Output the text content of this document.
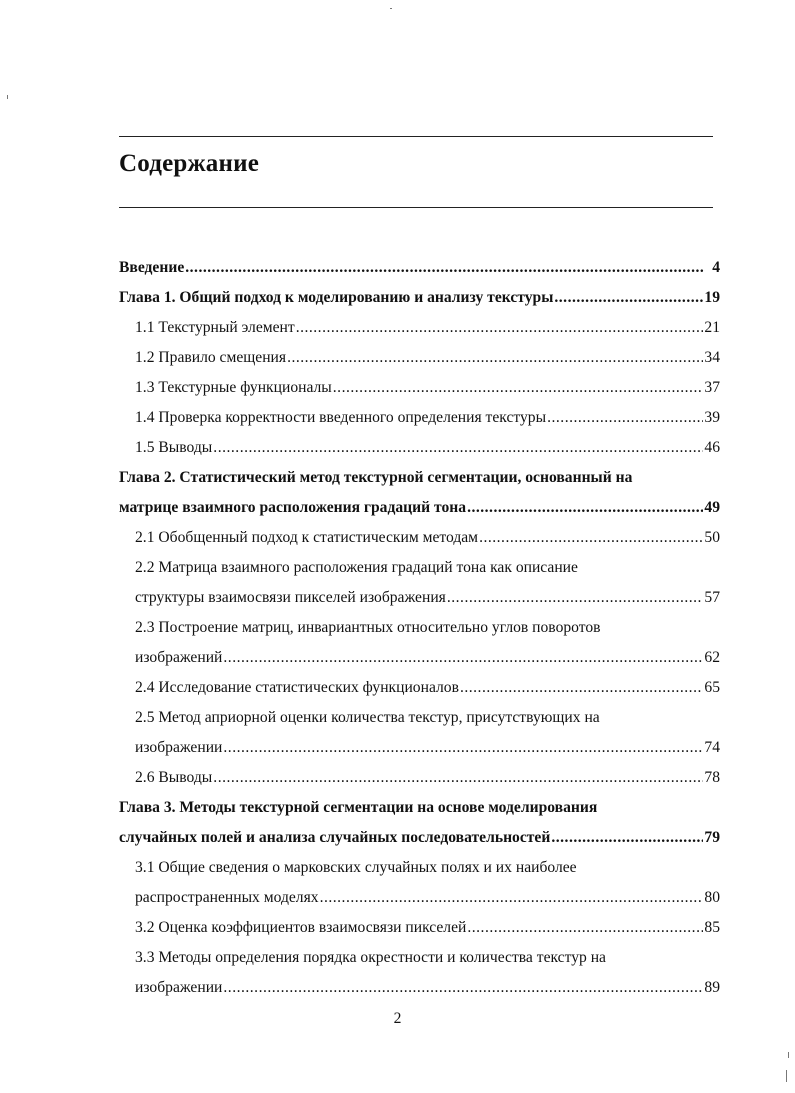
Содержание
Введение .....	4
Глава 1. Общий подход к моделированию и анализу текстуры .....	19
1.1 Текстурный элемент .....	21
1.2 Правило смещения .....	34
1.3 Текстурные функционалы .....	37
1.4 Проверка корректности введенного определения текстуры .....	39
1.5 Выводы .....	46
Глава 2. Статистический метод текстурной сегментации, основанный на
матрице взаимного расположения градаций тона .....	49
2.1 Обобщенный подход к статистическим методам .....	50
2.2 Матрица взаимного расположения градаций тона как описание
структуры взаимосвязи пикселей изображения .....	57
2.3 Построение матриц, инвариантных относительно углов поворотов
изображений .....	62
2.4 Исследование статистических функционалов .....	65
2.5 Метод априорной оценки количества текстур, присутствующих на
изображении .....	74
2.6 Выводы .....	78
Глава 3. Методы текстурной сегментации на основе моделирования
случайных полей и анализа случайных последовательностей .....	79
3.1 Общие сведения о марковских случайных полях и их наиболее
распространенных моделях .....	80
3.2 Оценка коэффициентов взаимосвязи пикселей .....	85
3.3 Методы определения порядка окрестности и количества текстур на
изображении .....	89
2
